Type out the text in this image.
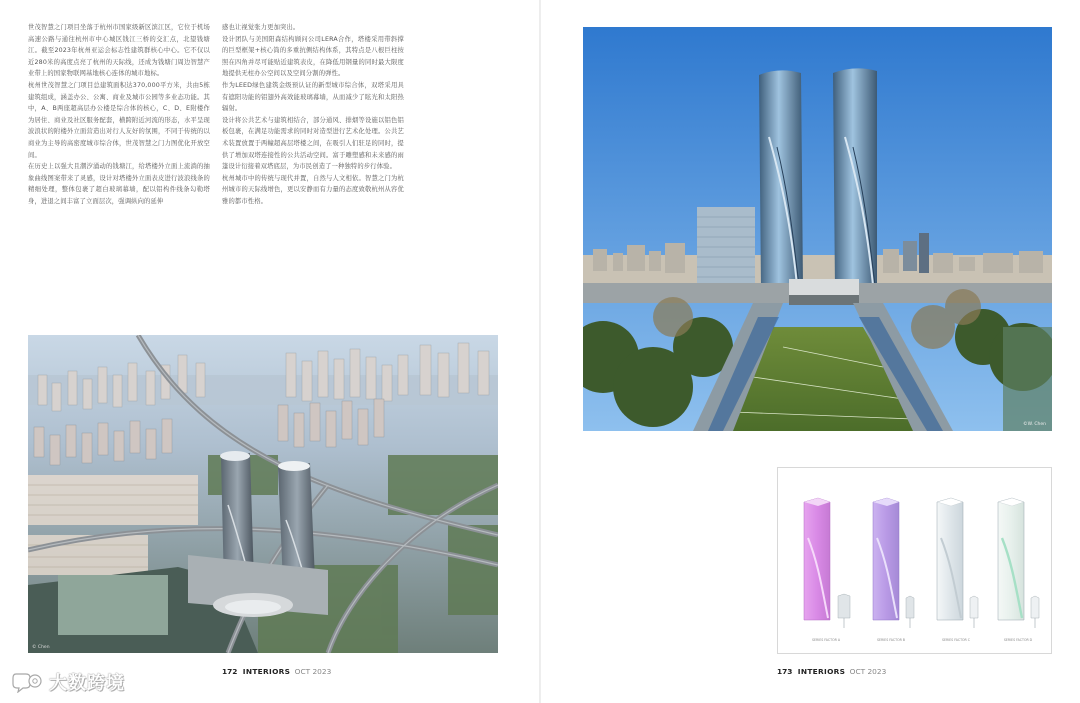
世茂智慧之门项目坐落于杭州市国家级新区滨江区，它位于机场高速公路与通往杭州市中心城区钱江三桥的交汇点，北望钱塘江。截至2023年杭州亚运会标志性建筑群核心中心。它不仅以近280米的高度点亮了杭州的天际线，还成为钱塘门周边智慧产业带上的国家物联网基地核心连体的城市地标。

杭州世茂智慧之门项目总建筑面积达370,000平方米，共由5栋建筑组成，涵盖办公、公寓、商业及城市公园等多业态功能。其中，A、B两座超高层办公楼是综合体的核心，C、D、E附楼作为居住、商业及社区服务配套，横跨附近河流的形态，水平呈现波浪状的附楼外立面营造出对行人友好的氛围，不同于传统的以商业为主导的高密度城市综合体，世茂智慧之门力图优化开放空间。

在历史上以强大且潮汐涌动的钱塘江，给塔楼外立面上流淌的抽象曲线图案带来了灵感，设计对塔楼外立面表皮进行波浪线条的精细处理，整体包裹了超白玻璃幕墙，配以铝构件线条勾勒塔身，进退之间丰富了立面层次，强调纵向的延伸

感也让视觉张力更加突出。

设计团队与美国阳森结构顾问公司LERA合作，塔楼采用带斜撑的巨型框架+核心筒的多重抗侧结构体系，其特点是八根巨柱按照在四角并尽可能贴近建筑表皮，在降低用钢量的同时最大限度地提供无柱办公空间以及空间分割的弹性。

作为LEED绿色建筑金级预认证的新型城市综合体，双塔采用具有遮阳功能的铝翅外高效能玻璃幕墙，从而减少了眩光和太阳热辐射。

设计将公共艺术与建筑相结合，部分通风、排烟等设施以铝色铝板包裹，在满足功能需求的同时对造型进行艺术化处理。公共艺术装置放置于两幢超高层塔楼之间，在吸引人们驻足的同时，提供了增加双塔连接性的公共活动空间。富于雕塑感和未来感的雨篷设计衍接着双塔底层，为市民创造了一种独特的步行体验。

杭州城市中的传统与现代并置，自然与人文相依。智慧之门为杭州城市的天际线增色，更以安静而有力量的态度致敬杭州从容优雅的都市性格。

© Chen
172 INTERIORS OCT 2023
©W. Chen
SERIES FACTOR A	SERIES FACTOR B	SERIES FACTOR C	SERIES FACTOR D
173 INTERIORS OCT 2023
大数跨境
